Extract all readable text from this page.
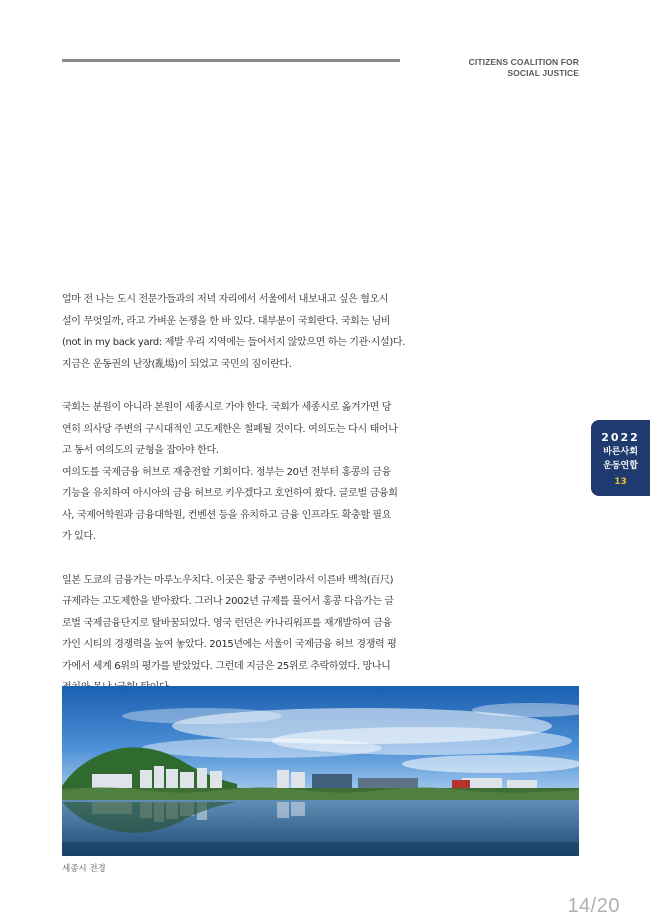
CITIZENS COALITION FOR
SOCIAL JUSTICE

얼마 전 나는 도시 전문가들과의 저녁 자리에서 서울에서 내보내고 싶은 혐오시
설이 무엇일까, 라고 가벼운 논쟁을 한 바 있다. 대부분이 국회란다. 국회는 님비
(not in my back yard: 제발 우리 지역에는 들어서지 않았으면 하는 기관·시설)다.
지금은 운동권의 난장(亂場)이 되었고 국민의 짐이란다.

국회는 분원이 아니라 본원이 세종시로 가야 한다. 국회가 세종시로 옮겨가면 당
연히 의사당 주변의 구시대적인 고도제한은 철폐될 것이다. 여의도는 다시 태어나
고 동서 여의도의 균형을 잡아야 한다.

여의도를 국제금융 허브로 재충전할 기회이다. 정부는 20년 전부터 홍콩의 금융
기능을 유치하여 아시아의 금융 허브로 키우겠다고 호언하여 왔다. 글로벌 금융회
사, 국제어학원과 금융대학원, 컨벤션 등을 유치하고 금융 인프라도 확충할 필요
가 있다.

일본 도쿄의 금융가는 마루노우치다. 이곳은 황궁 주변이라서 이른바 백척(百尺)
규제라는 고도제한을 받아왔다. 그러나 2002년 규제를 풀어서 홍콩 다음가는 글
로벌 국제금융단지로 탈바꿈되었다. 영국 런던은 카나리워프를 재개발하여 금융
가인 시티의 경쟁력을 높여 놓았다. 2015년에는 서울이 국제금융 허브 경쟁력 평
가에서 세계 6위의 평가를 받았었다. 그런데 지금은 25위로 추락하였다. 망나니

2022
바른사회
운동연합
13
세종시 전경
14/20
